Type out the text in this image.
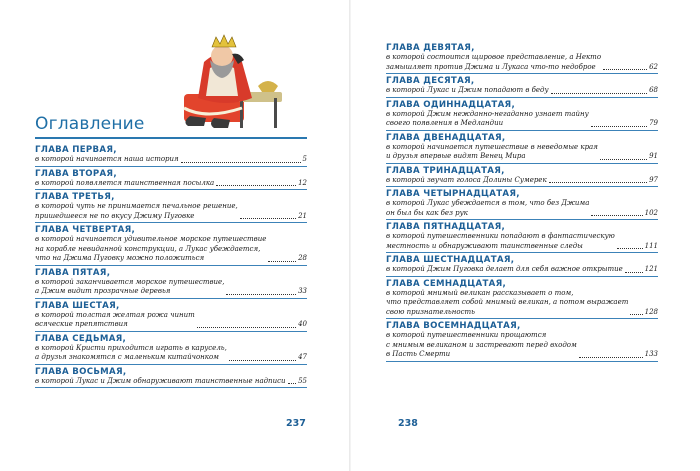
Оглавление
ГЛАВА ПЕРВАЯ,
в которой начинается наша история	5
ГЛАВА ВТОРАЯ,
в которой появляется таинственная посылка	12
ГЛАВА ТРЕТЬЯ,
в которой чуть не принимается печальное решение,
пришедшееся не по вкусу Джиму Пуговке	21
ГЛАВА ЧЕТВЕРТАЯ,
в которой начинается удивительное морское путешествие
на корабле невиданной конструкции, а Лукас убеждается,
что на Джима Пуговку можно положиться	28
ГЛАВА ПЯТАЯ,
в которой заканчивается морское путешествие,
а Джим видит прозрачные деревья	33
ГЛАВА ШЕСТАЯ,
в которой толстая желтая рожа чинит
всяческие препятствия	40
ГЛАВА СЕДЬМАЯ,
в которой Кристи приходится играть в карусель,
а друзья знакомятся с маленьким китайчонком	47
ГЛАВА ВОСЬМАЯ,
в которой Лукас и Джим обнаруживают таинственные надписи 55
237
ГЛАВА ДЕВЯТАЯ,
в которой состоится щировое представление, а Некто
замышляет против Джима и Лукаса что-то недоброе	62
ГЛАВА ДЕСЯТАЯ,
в которой Лукас и Джим попадают в беду	68
ГЛАВА ОДИННАДЦАТАЯ,
в которой Джим нежданно-негаданно узнает тайну
своего появления в Медландии	79
ГЛАВА ДВЕНАДЦАТАЯ,
в которой начинается путешествие в неведомые края
и друзья впервые видят Венец Мира	91
ГЛАВА ТРИНАДЦАТАЯ,
в которой звучат голоса Долины Сумерек	97
ГЛАВА ЧЕТЫРНАДЦАТАЯ,
в которой Лукас убеждается в том, что без Джима
он был бы как без рук	102
ГЛАВА ПЯТНАДЦАТАЯ,
в которой путешественники попадают в фантастическую
местность и обнаруживают таинственные следы	111
ГЛАВА ШЕСТНАДЦАТАЯ,
в которой Джим Пуговка делает для себя важное открытие	121
ГЛАВА СЕМНАДЦАТАЯ,
в которой мнимый великан рассказывает о том,
что представляет собой мнимый великан, а потом выражает
свою признательность	128
ГЛАВА ВОСЕМНАДЦАТАЯ,
в которой путешественники прощаются
с мнимым великаном и застревают перед входом
в Пасть Смерти	133
238
